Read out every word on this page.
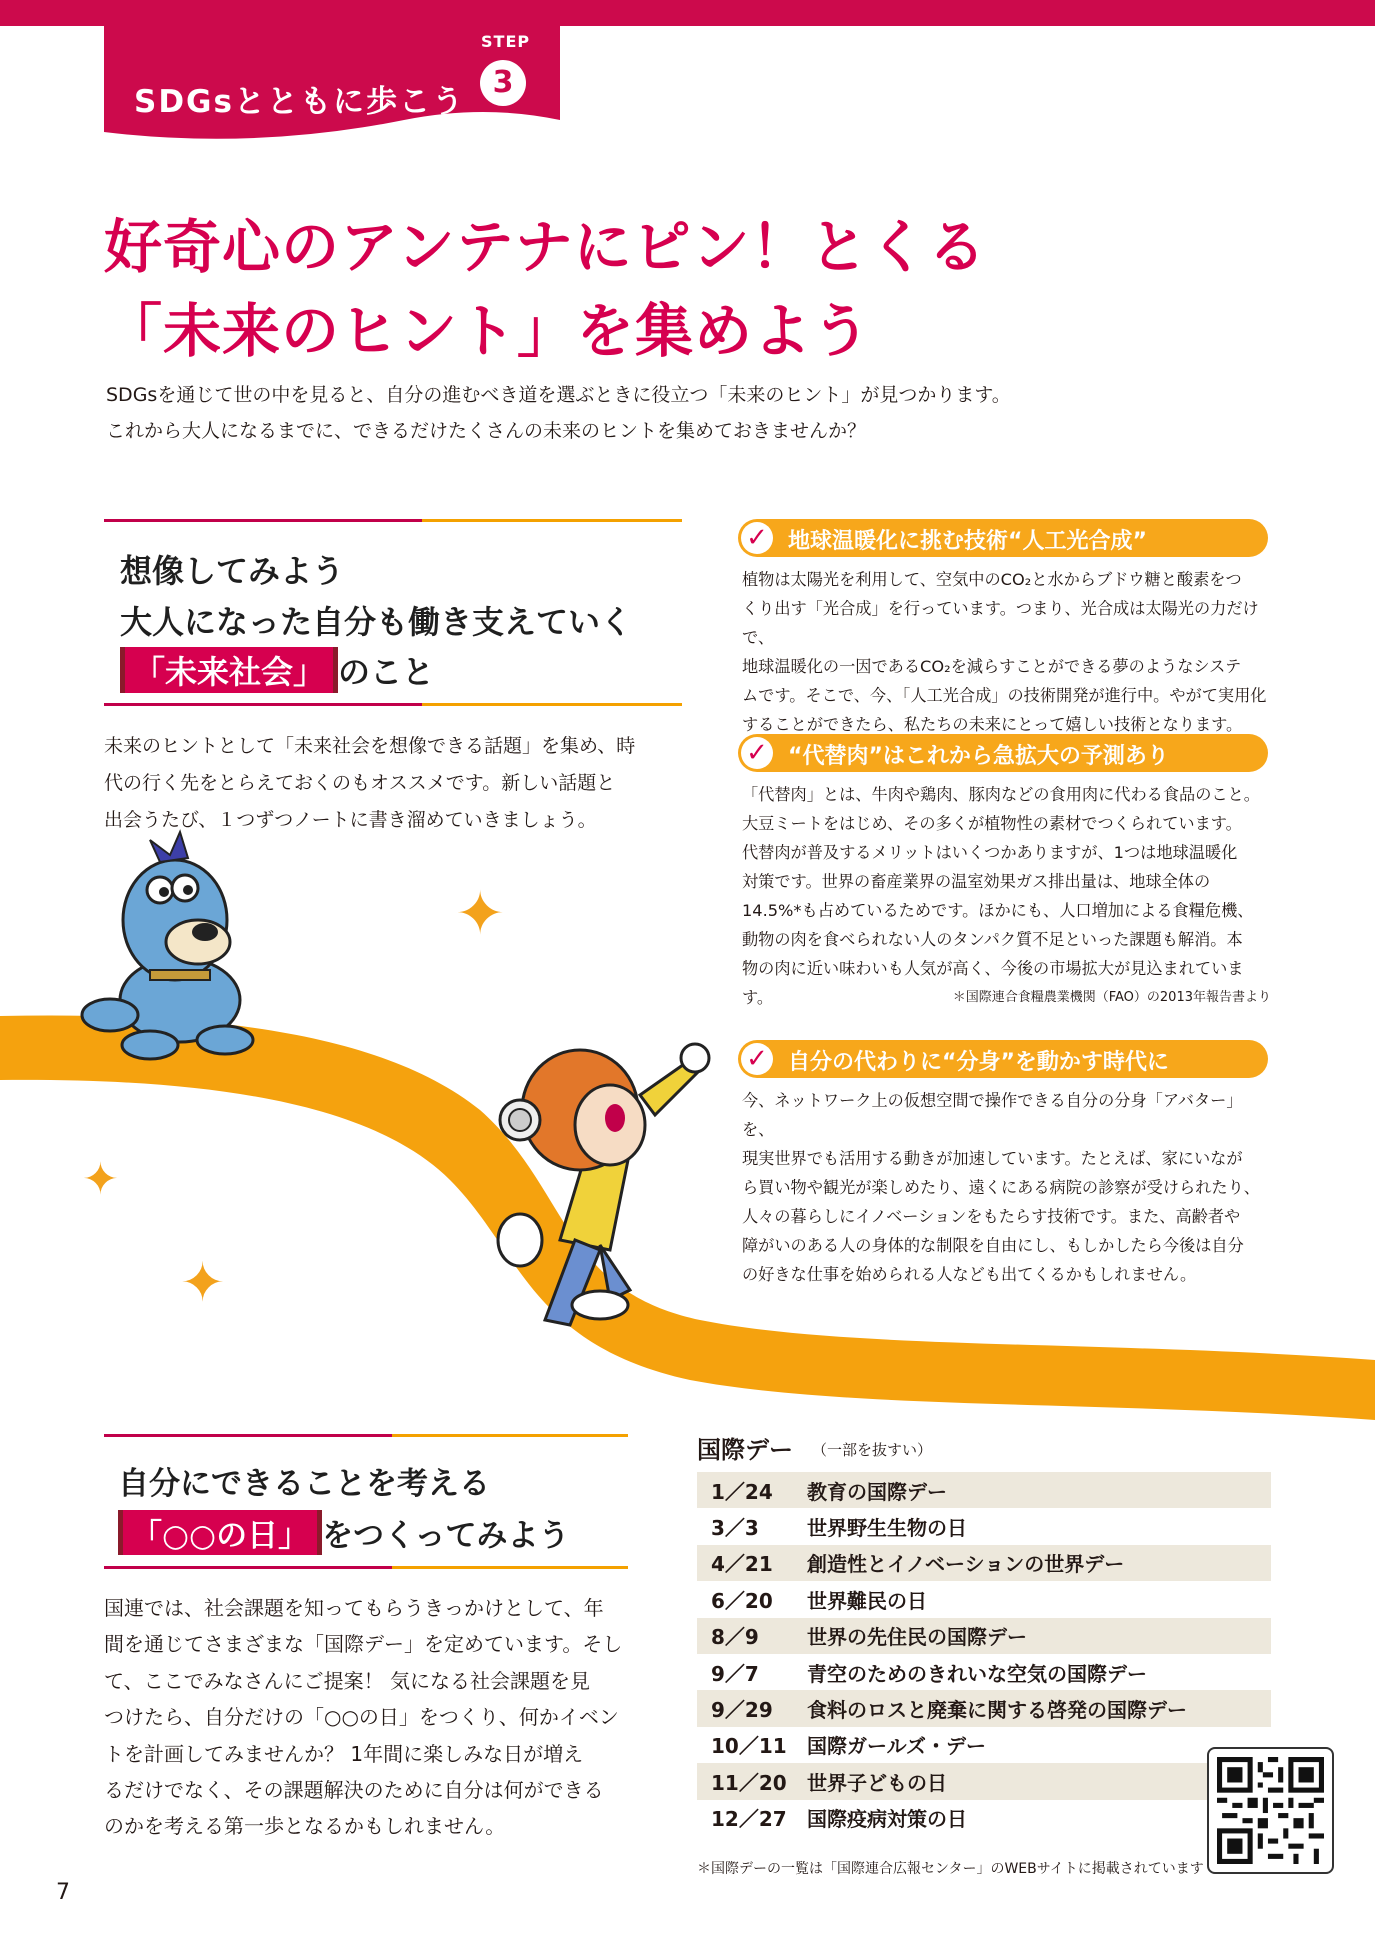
SDGsとともに歩こう
STEP
3
好奇心のアンテナにピン！とくる
「未来のヒント」を集めよう
SDGsを通じて世の中を見ると、自分の進むべき道を選ぶときに役立つ「未来のヒント」が見つかります。
これから大人になるまでに、できるだけたくさんの未来のヒントを集めておきませんか？
✦
✦
✦
想像してみよう
大人になった自分も働き支えていく
「未来社会」 のこと
未来のヒントとして「未来社会を想像できる話題」を集め、時
代の行く先をとらえておくのもオススメです。新しい話題と
出会うたび、１つずつノートに書き溜めていきましょう。
✓ 地球温暖化に挑む技術“人工光合成”
植物は太陽光を利用して、空気中のCO₂と水からブドウ糖と酸素をつ
くり出す「光合成」を行っています。つまり、光合成は太陽光の力だけで、
地球温暖化の一因であるCO₂を減らすことができる夢のようなシステ
ムです。そこで、今、「人工光合成」の技術開発が進行中。やがて実用化
することができたら、私たちの未来にとって嬉しい技術となります。
✓ “代替肉”はこれから急拡大の予測あり
「代替肉」とは、牛肉や鶏肉、豚肉などの食用肉に代わる食品のこと。
大豆ミートをはじめ、その多くが植物性の素材でつくられています。
代替肉が普及するメリットはいくつかありますが、1つは地球温暖化
対策です。世界の畜産業界の温室効果ガス排出量は、地球全体の
14.5%*も占めているためです。ほかにも、人口増加による食糧危機、
動物の肉を食べられない人のタンパク質不足といった課題も解消。本
物の肉に近い味わいも人気が高く、今後の市場拡大が見込まれています。	＊国際連合食糧農業機関（FAO）の2013年報告書より
✓ 自分の代わりに“分身”を動かす時代に
今、ネットワーク上の仮想空間で操作できる自分の分身「アバター」を、
現実世界でも活用する動きが加速しています。たとえば、家にいなが
ら買い物や観光が楽しめたり、遠くにある病院の診察が受けられたり、
人々の暮らしにイノベーションをもたらす技術です。また、高齢者や
障がいのある人の身体的な制限を自由にし、もしかしたら今後は自分
の好きな仕事を始められる人なども出てくるかもしれません。
自分にできることを考える
「○○の日」 をつくってみよう
国連では、社会課題を知ってもらうきっかけとして、年
間を通じてさまざまな「国際デー」を定めています。そし
て、ここでみなさんにご提案！ 気になる社会課題を見
つけたら、自分だけの「○○の日」をつくり、何かイベン
トを計画してみませんか？ 1年間に楽しみな日が増え
るだけでなく、その課題解決のために自分は何ができる
のかを考える第一歩となるかもしれません。
国際デー （一部を抜すい）
1／24	教育の国際デー
3／3	世界野生生物の日
4／21	創造性とイノベーションの世界デー
6／20	世界難民の日
8／9	世界の先住民の国際デー
9／7	青空のためのきれいな空気の国際デー
9／29	食料のロスと廃棄に関する啓発の国際デー
10／11	国際ガールズ・デー
11／20	世界子どもの日
12／27	国際疫病対策の日
＊国際デーの一覧は「国際連合広報センター」のWEBサイトに掲載されています
7
